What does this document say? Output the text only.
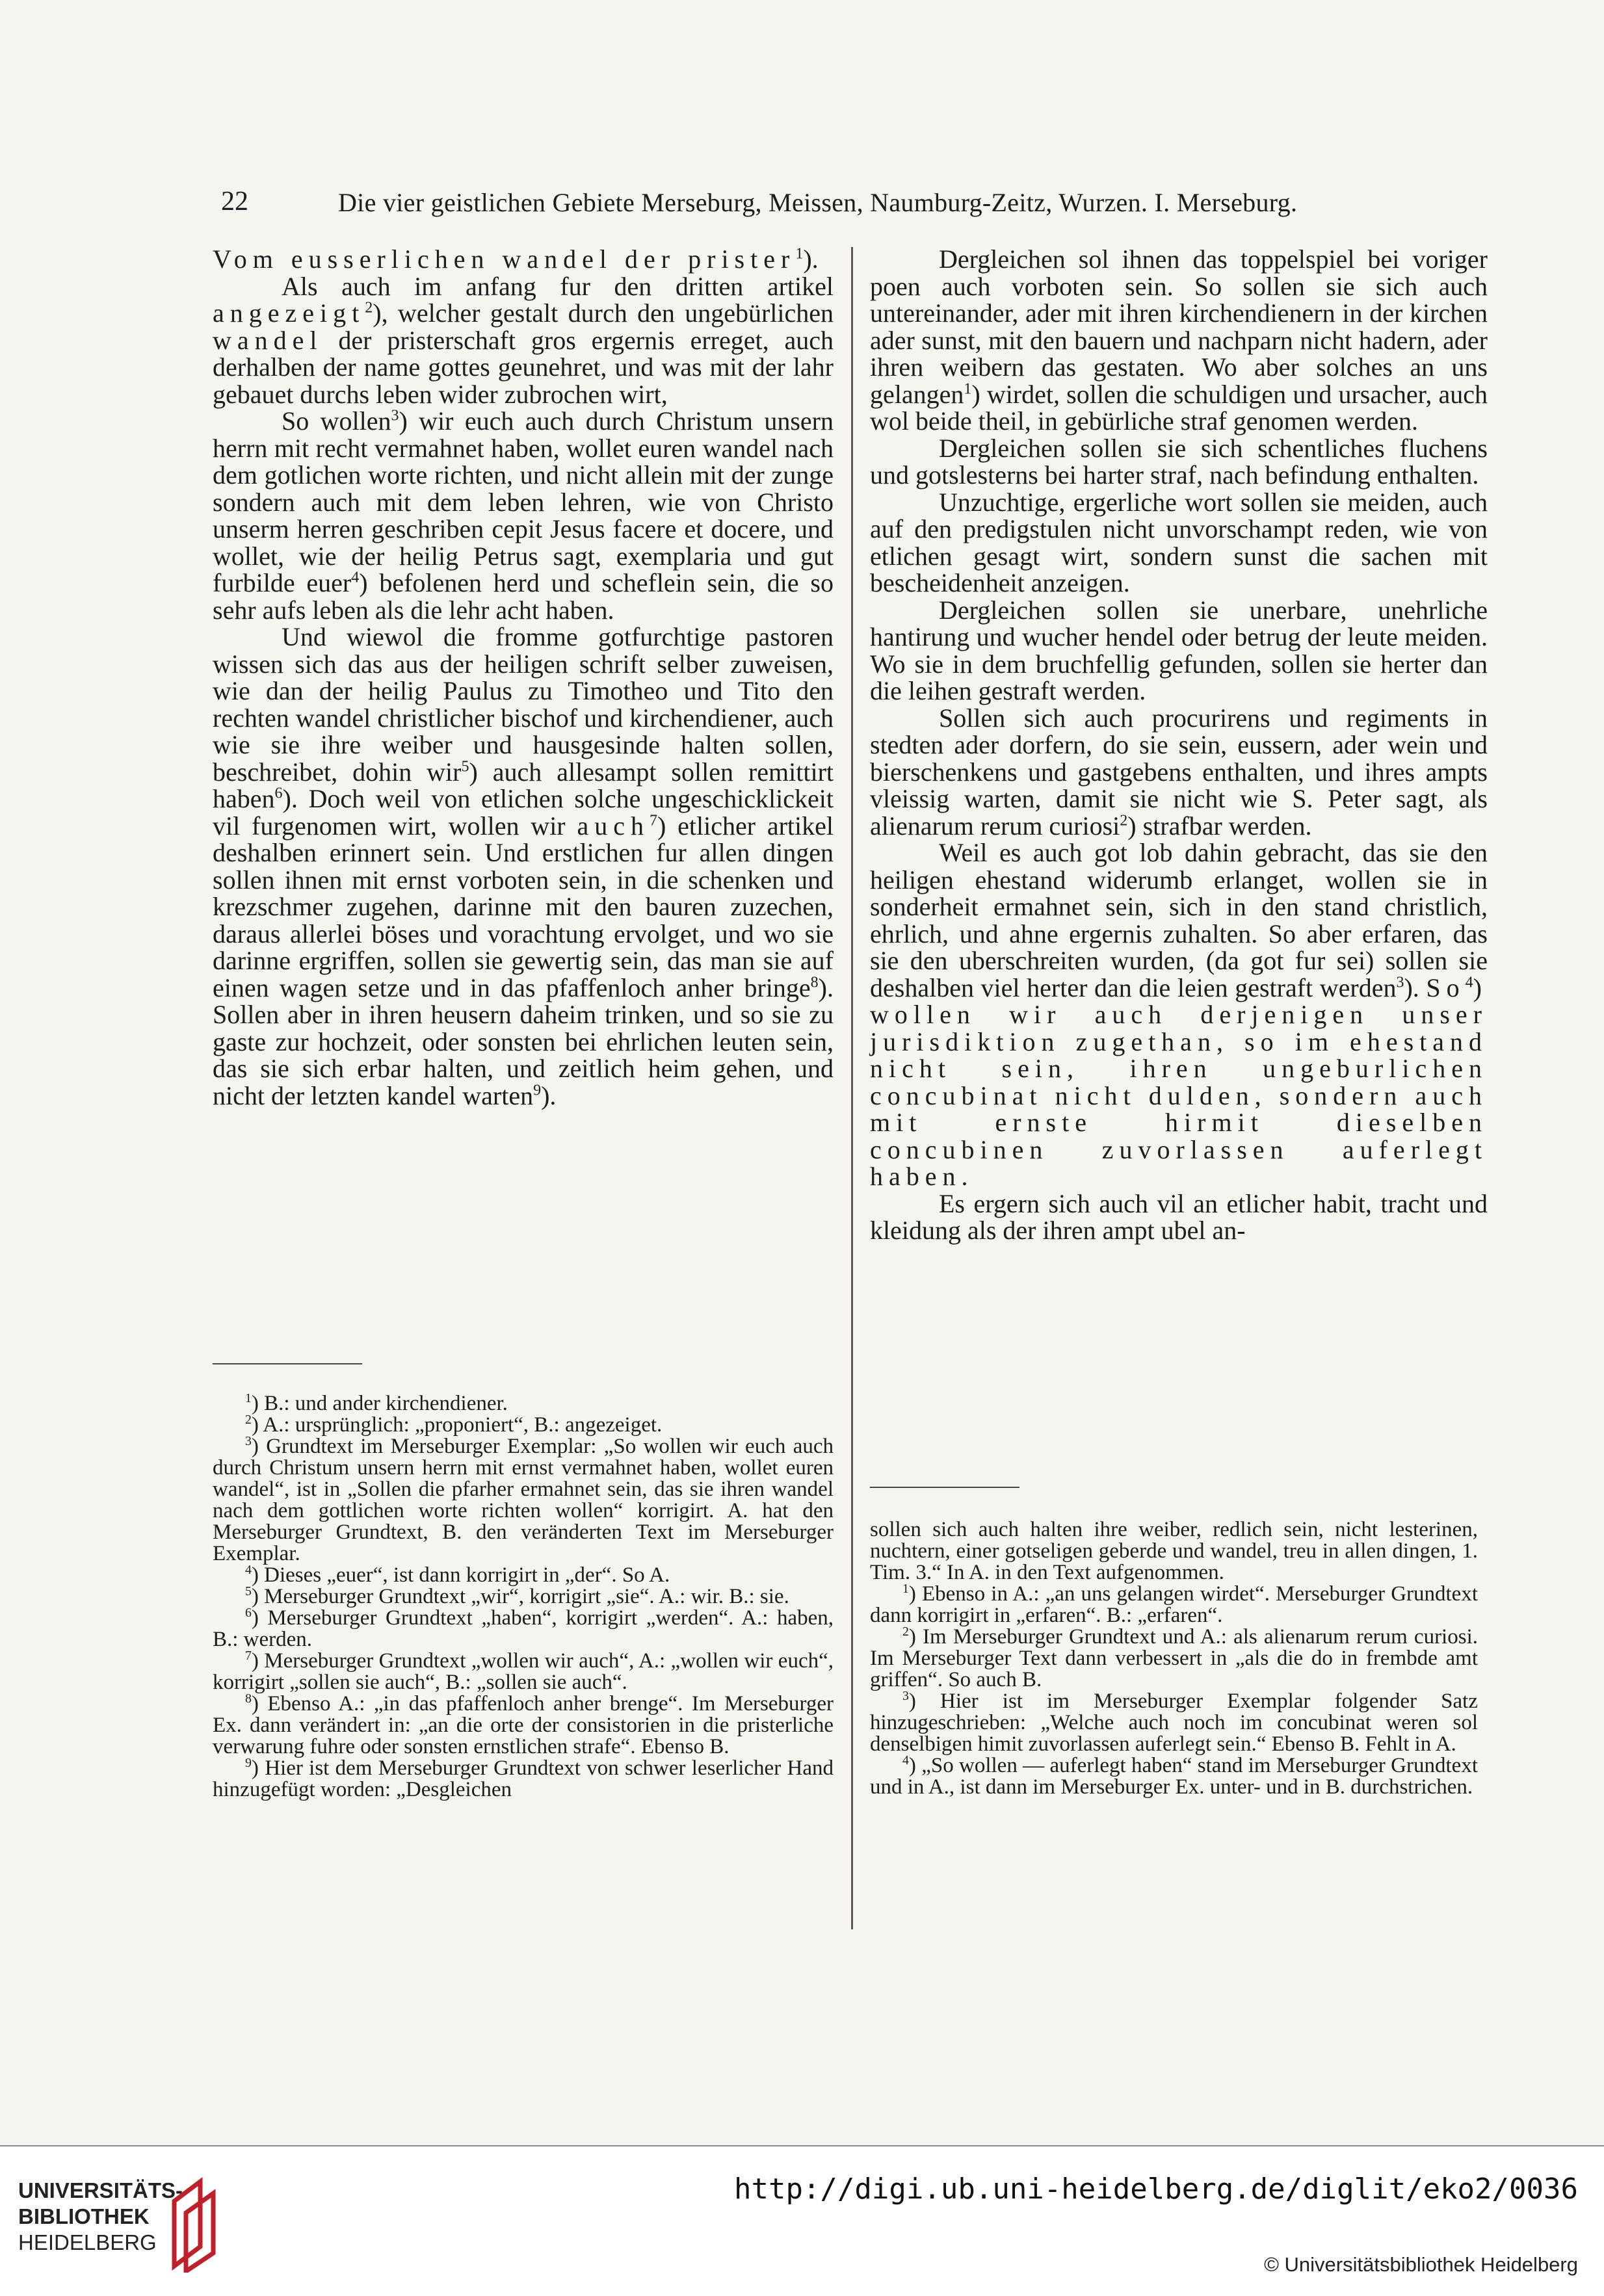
22	Die vier geistlichen Gebiete Merseburg, Meissen, Naumburg-Zeitz, Wurzen. I. Merseburg.

Vom eusserlichen wandel der prister$^1$).

Als auch im anfang fur den dritten artikel angezeigt$^2$), welcher gestalt durch den ungebürlichen wandel der pristerschaft gros ergernis erreget, auch derhalben der name gottes geunehret, und was mit der lahr gebauet durchs leben wider zubrochen wirt,

So wollen$^3$) wir euch auch durch Christum unsern herrn mit recht vermahnet haben, wollet euren wandel nach dem gotlichen worte richten, und nicht allein mit der zunge sondern auch mit dem leben lehren, wie von Christo unserm herren geschriben cepit Jesus facere et docere, und wollet, wie der heilig Petrus sagt, exemplaria und gut furbilde euer$^4$) befolenen herd und scheflein sein, die so sehr aufs leben als die lehr acht haben.

Und wiewol die fromme gotfurchtige pastoren wissen sich das aus der heiligen schrift selber zuweisen, wie dan der heilig Paulus zu Timotheo und Tito den rechten wandel christlicher bischof und kirchendiener, auch wie sie ihre weiber und hausgesinde halten sollen, beschreibet, dohin wir$^5$) auch allesampt sollen remittirt haben$^6$). Doch weil von etlichen solche ungeschicklickeit vil furgenomen wirt, wollen wir auch$^7$) etlicher artikel deshalben erinnert sein. Und erstlichen fur allen dingen sollen ihnen mit ernst vorboten sein, in die schenken und krezschmer zugehen, darinne mit den bauren zuzechen, daraus allerlei böses und vorachtung ervolget, und wo sie darinne ergriffen, sollen sie gewertig sein, das man sie auf einen wagen setze und in das pfaffenloch anher bringe$^8$). Sollen aber in ihren heusern daheim trinken, und so sie zu gaste zur hochzeit, oder sonsten bei ehrlichen leuten sein, das sie sich erbar halten, und zeitlich heim gehen, und nicht der letzten kandel warten$^9$).

Dergleichen sol ihnen das toppelspiel bei voriger poen auch vorboten sein. So sollen sie sich auch untereinander, ader mit ihren kirchendienern in der kirchen ader sunst, mit den bauern und nachparn nicht hadern, ader ihren weibern das gestaten. Wo aber solches an uns gelangen$^1$) wirdet, sollen die schuldigen und ursacher, auch wol beide theil, in gebürliche straf genomen werden.

Dergleichen sollen sie sich schentliches fluchens und gotslesterns bei harter straf, nach befindung enthalten.

Unzuchtige, ergerliche wort sollen sie meiden, auch auf den predigstulen nicht unvorschampt reden, wie von etlichen gesagt wirt, sondern sunst die sachen mit bescheidenheit anzeigen.

Dergleichen sollen sie unerbare, unehrliche hantirung und wucher hendel oder betrug der leute meiden. Wo sie in dem bruchfellig gefunden, sollen sie herter dan die leihen gestraft werden.

Sollen sich auch procurirens und regiments in stedten ader dorfern, do sie sein, eussern, ader wein und bierschenkens und gastgebens enthalten, und ihres ampts vleissig warten, damit sie nicht wie S. Peter sagt, als alienarum rerum curiosi$^2$) strafbar werden.

Weil es auch got lob dahin gebracht, das sie den heiligen ehestand widerumb erlanget, wollen sie in sonderheit ermahnet sein, sich in den stand christlich, ehrlich, und ahne ergernis zuhalten. So aber erfaren, das sie den uberschreiten wurden, (da got fur sei) sollen sie deshalben viel herter dan die leien gestraft werden$^3$). So$^4$) wollen wir auch derjenigen unser jurisdiktion zugethan, so im ehestand nicht sein, ihren ungeburlichen concubinat nicht dulden, sondern auch mit ernste hirmit dieselben concubinen zuvorlassen auferlegt haben.

Es ergern sich auch vil an etlicher habit, tracht und kleidung als der ihren ampt ubel an-

$^1$) B.: und ander kirchendiener.

$^2$) A.: ursprünglich: „proponiert“, B.: angezeiget.

$^3$) Grundtext im Merseburger Exemplar: „So wollen wir euch auch durch Christum unsern herrn mit ernst vermahnet haben, wollet euren wandel“, ist in „Sollen die pfarher ermahnet sein, das sie ihren wandel nach dem gottlichen worte richten wollen“ korrigirt. A. hat den Merseburger Grundtext, B. den veränderten Text im Merseburger Exemplar.

$^4$) Dieses „euer“, ist dann korrigirt in „der“. So A.

$^5$) Merseburger Grundtext „wir“, korrigirt „sie“. A.: wir. B.: sie.

$^6$) Merseburger Grundtext „haben“, korrigirt „werden“. A.: haben, B.: werden.

$^7$) Merseburger Grundtext „wollen wir auch“, A.: „wollen wir euch“, korrigirt „sollen sie auch“, B.: „sollen sie auch“.

$^8$) Ebenso A.: „in das pfaffenloch anher brenge“. Im Merseburger Ex. dann verändert in: „an die orte der consistorien in die pristerliche verwarung fuhre oder sonsten ernstlichen strafe“. Ebenso B.

$^9$) Hier ist dem Merseburger Grundtext von schwer leserlicher Hand hinzugefügt worden: „Desgleichen

sollen sich auch halten ihre weiber, redlich sein, nicht lesterinen, nuchtern, einer gotseligen geberde und wandel, treu in allen dingen, 1. Tim. 3.“ In A. in den Text aufgenommen.

$^1$) Ebenso in A.: „an uns gelangen wirdet“. Merseburger Grundtext dann korrigirt in „erfaren“. B.: „erfaren“.

$^2$) Im Merseburger Grundtext und A.: als alienarum rerum curiosi. Im Merseburger Text dann verbessert in „als die do in frembde amt griffen“. So auch B.

$^3$) Hier ist im Merseburger Exemplar folgender Satz hinzugeschrieben: „Welche auch noch im concubinat weren sol denselbigen himit zuvorlassen auferlegt sein.“ Ebenso B. Fehlt in A.

$^4$) „So wollen — auferlegt haben“ stand im Merseburger Grundtext und in A., ist dann im Merseburger Ex. unter- und in B. durchstrichen.

UNIVERSITÄTS-
BIBLIOTHEK
HEIDELBERG
http://digi.ub.uni-heidelberg.de/diglit/eko2/0036
© Universitätsbibliothek Heidelberg
